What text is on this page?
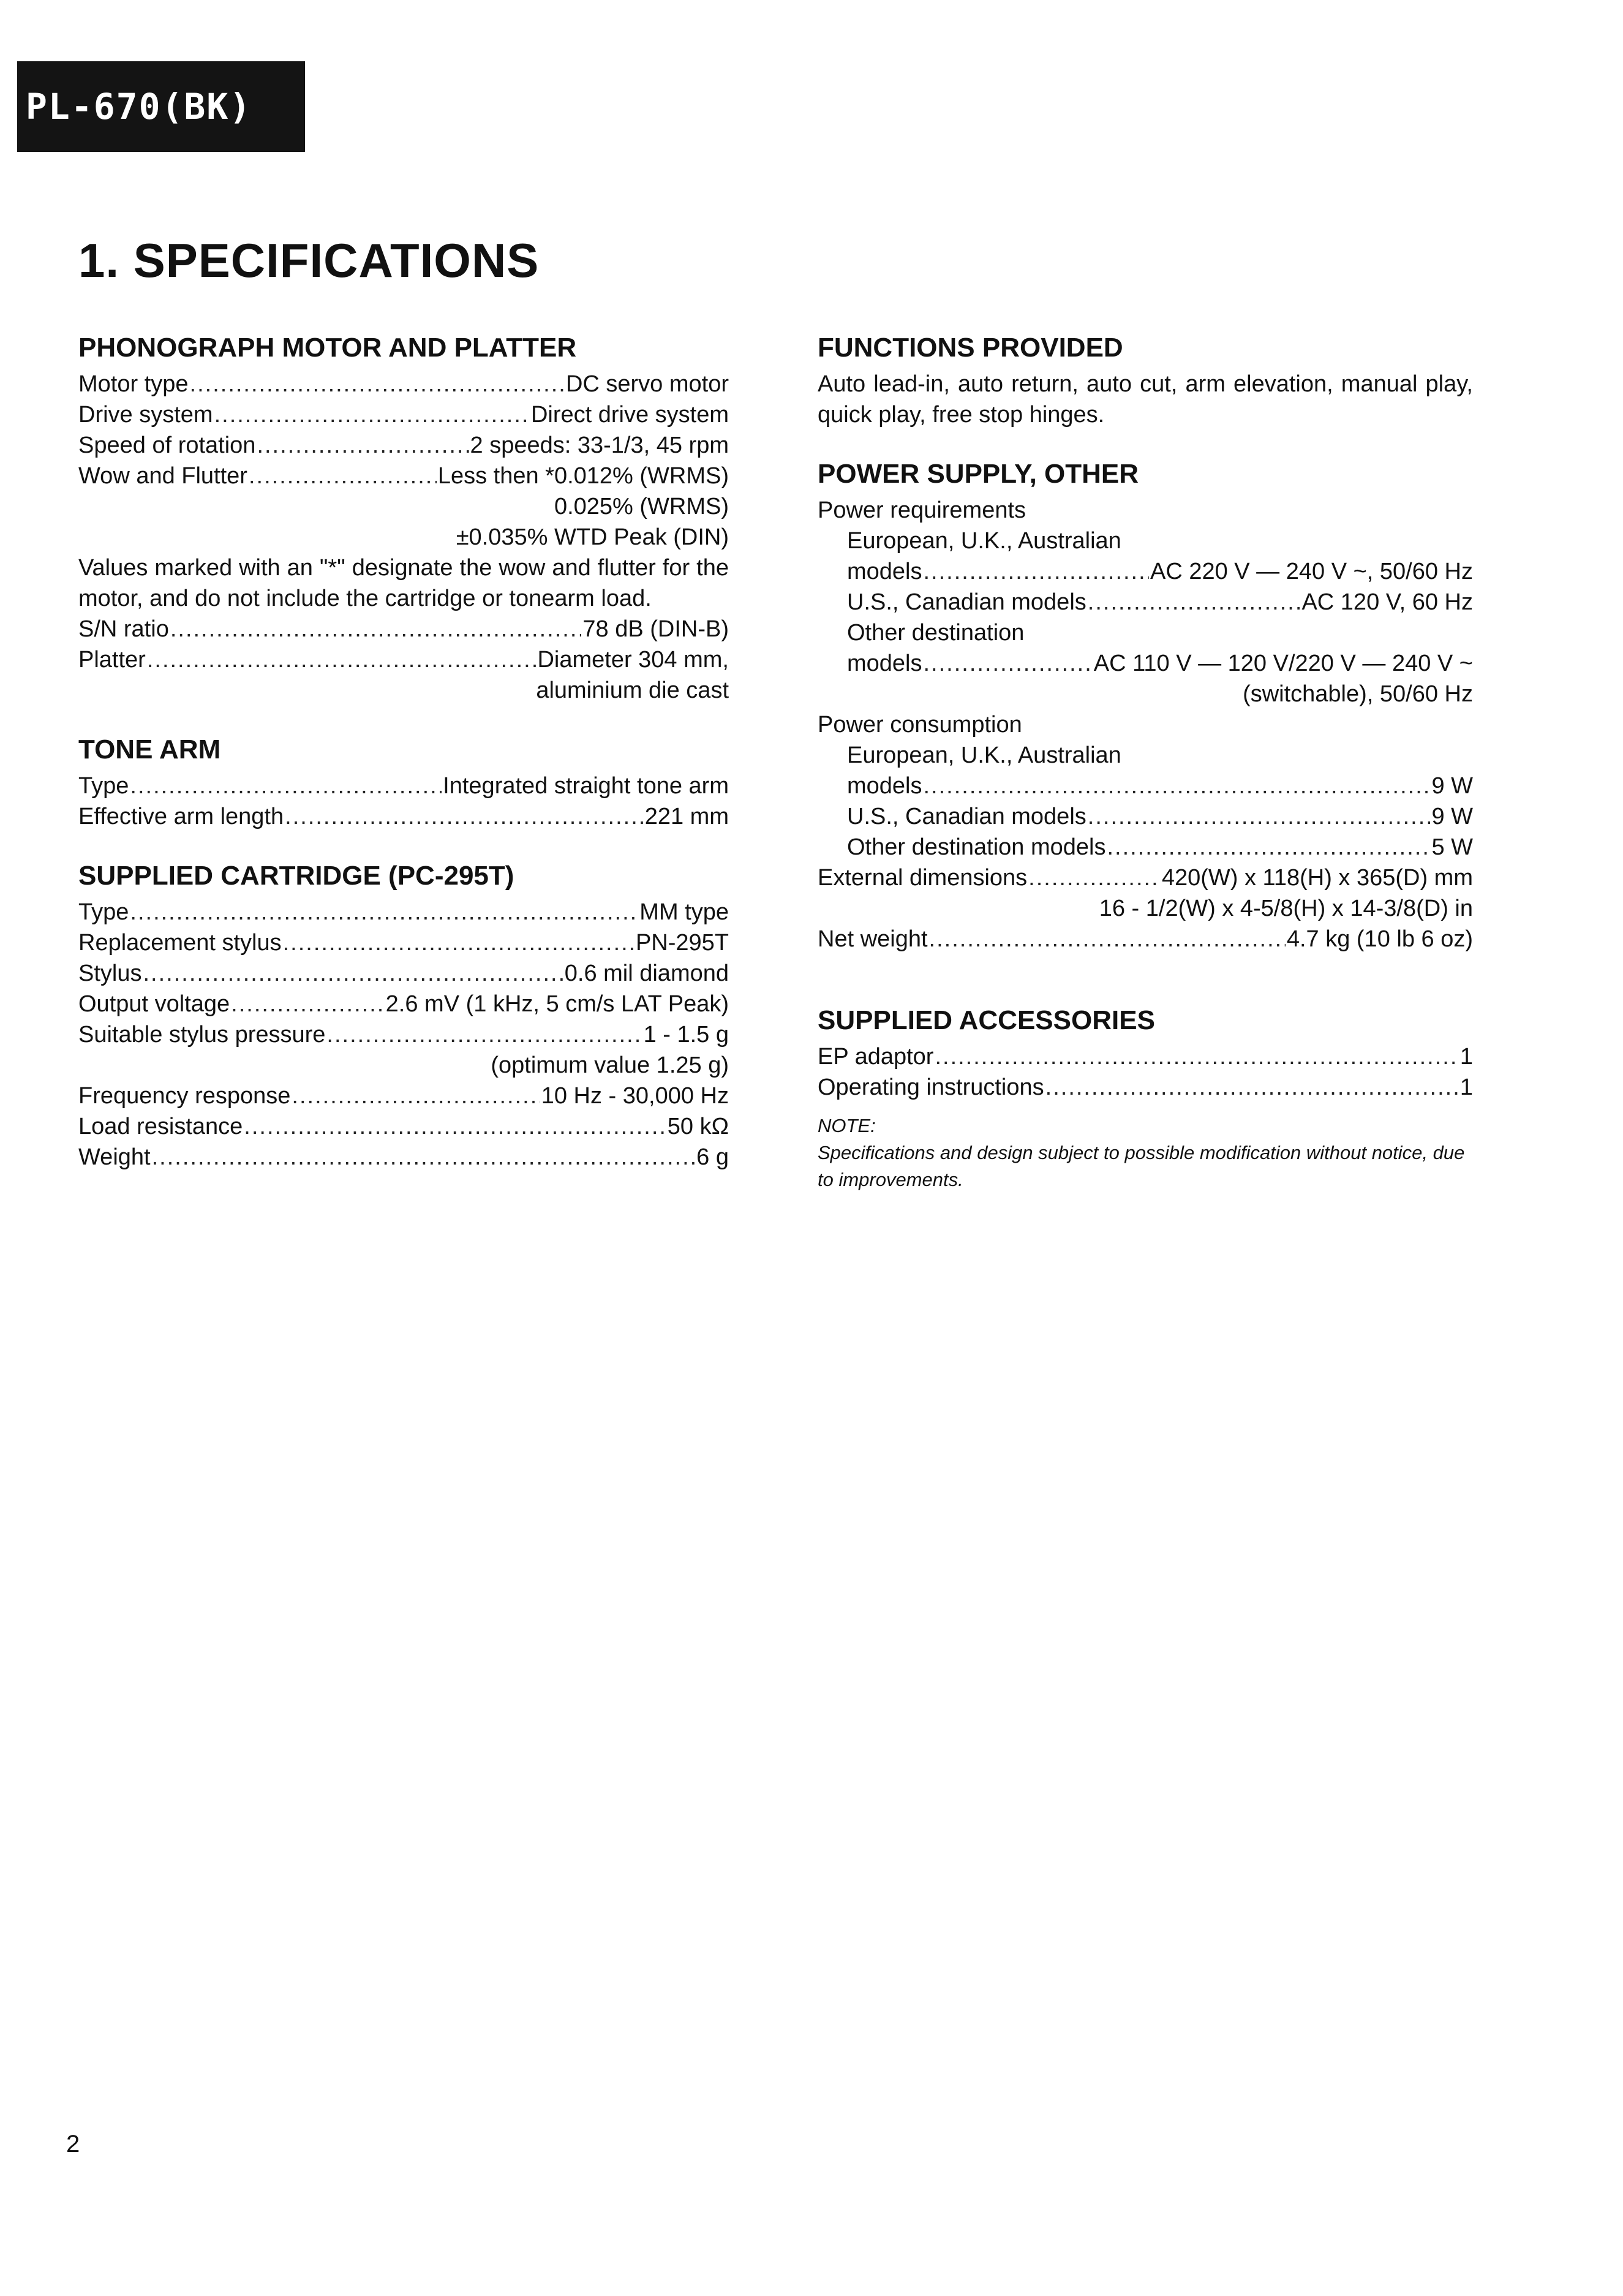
PL-670(BK)
1. SPECIFICATIONS
PHONOGRAPH MOTOR AND PLATTER
Motor type .....	DC servo motor
Drive system .....	Direct drive system
Speed of rotation .....	2 speeds: 33-1/3, 45 rpm
Wow and Flutter .....	Less then *0.012% (WRMS)
0.025% (WRMS)
±0.035% WTD Peak (DIN)
Values marked with an "*" designate the wow and flutter for the motor, and do not include the cartridge or tonearm load.
S/N ratio .....	78 dB (DIN-B)
Platter .....	Diameter 304 mm,
aluminium die cast
TONE ARM
Type .....	Integrated straight tone arm
Effective arm length .....	221 mm
SUPPLIED CARTRIDGE (PC-295T)
Type .....	MM type
Replacement stylus .....	PN-295T
Stylus .....	0.6 mil diamond
Output voltage .....	2.6 mV (1 kHz, 5 cm/s LAT Peak)
Suitable stylus pressure .....	1 - 1.5 g
(optimum value 1.25 g)
Frequency response .....	10 Hz - 30,000 Hz
Load resistance .....	50 kΩ
Weight .....	6 g
FUNCTIONS PROVIDED
Auto lead-in, auto return, auto cut, arm elevation, manual play, quick play, free stop hinges.
POWER SUPPLY, OTHER
Power requirements
European, U.K., Australian
models .....	AC 220 V — 240 V ~, 50/60 Hz
U.S., Canadian models .....	AC 120 V, 60 Hz
Other destination
models .....	AC 110 V — 120 V/220 V — 240 V ~
(switchable), 50/60 Hz
Power consumption
European, U.K., Australian
models .....	9 W
U.S., Canadian models .....	9 W
Other destination models .....	5 W
External dimensions .....	420(W) x 118(H) x 365(D) mm
16 - 1/2(W) x 4-5/8(H) x 14-3/8(D) in
Net weight .....	4.7 kg (10 lb 6 oz)
SUPPLIED ACCESSORIES
EP adaptor .....	1
Operating instructions .....	1
NOTE:
Specifications and design subject to possible modification without notice, due to improvements.
2
